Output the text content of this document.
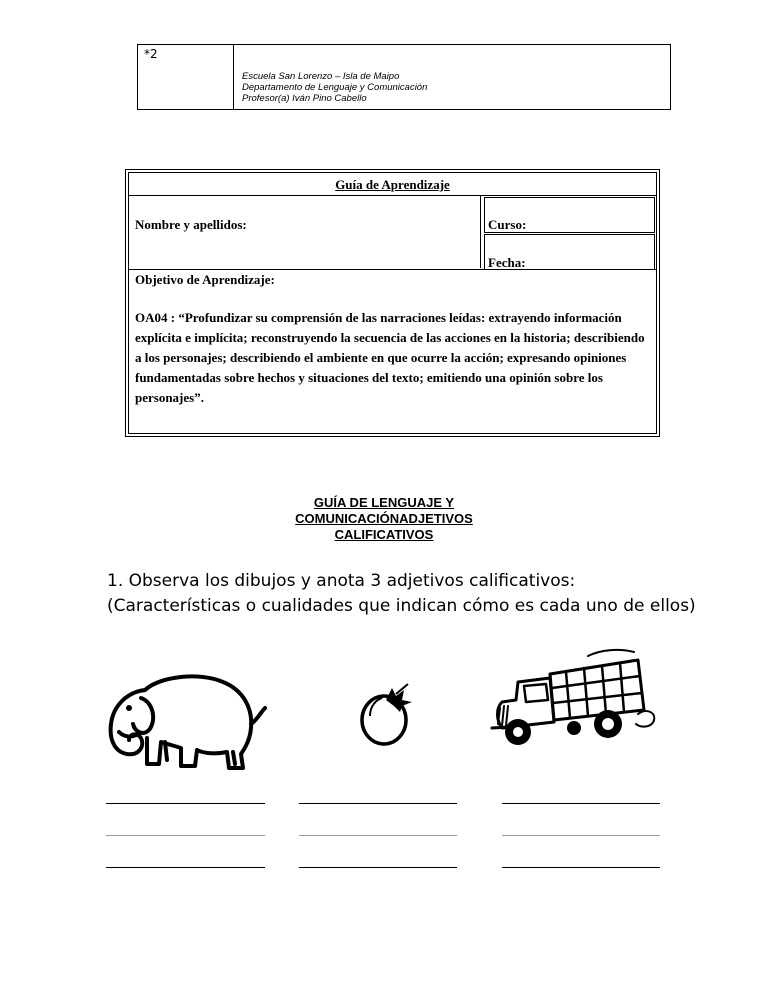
*2
Escuela San Lorenzo – Isla de Maipo
Departamento de Lenguaje y Comunicación
Profesor(a) Iván Pino Cabello
Guía de Aprendizaje
Nombre y apellidos:	Curso:
Fecha:
Objetivo de Aprendizaje:
OA04 : “Profundizar su comprensión de las narraciones leídas: extrayendo información explícita e implícita; reconstruyendo la secuencia de las acciones en la historia; describiendo a los personajes; describiendo el ambiente en que ocurre la acción; expresando opiniones fundamentadas sobre hechos y situaciones del texto; emitiendo una opinión sobre los personajes”.
GUÍA DE LENGUAJE Y
COMUNICACIÓNADJETIVOS
CALIFICATIVOS
1. Observa los dibujos y anota 3 adjetivos calificativos:
(Características o cualidades que indican cómo es cada uno de ellos)
